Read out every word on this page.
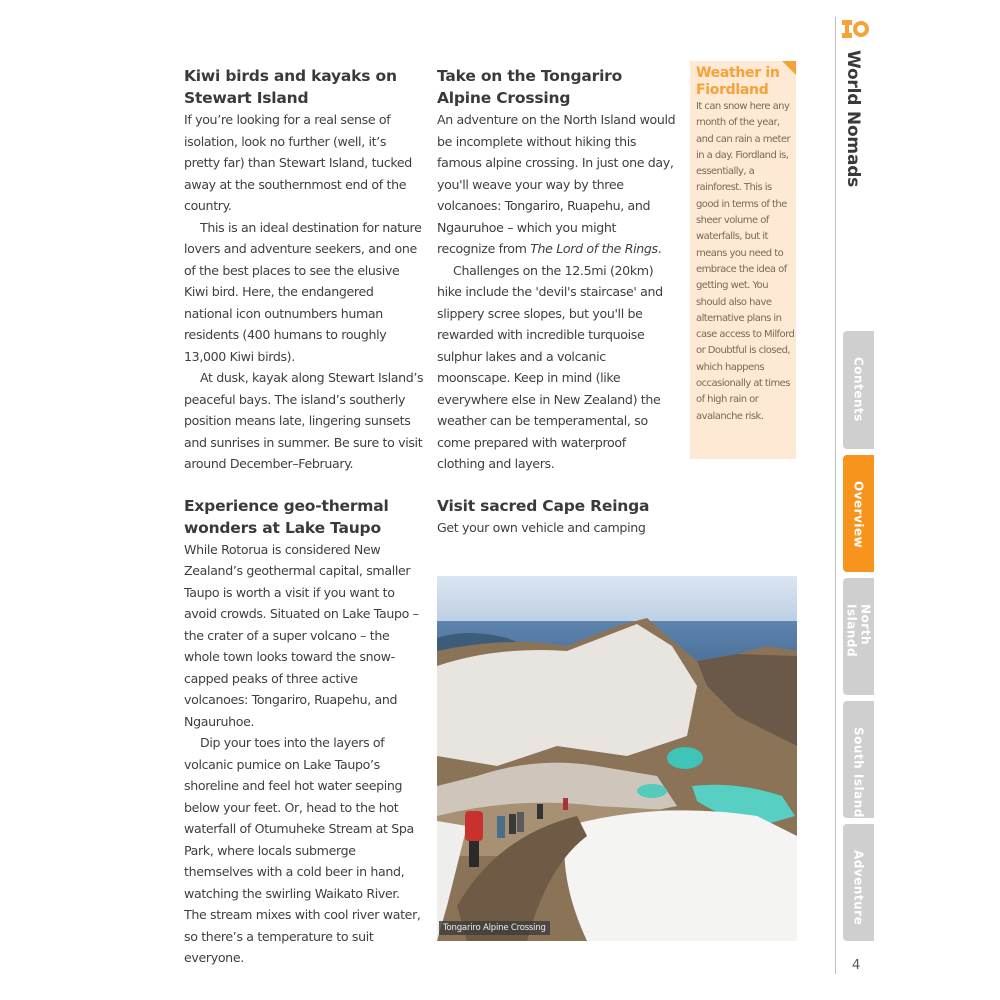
Kiwi birds and kayaks on Stewart Island

If you’re looking for a real sense of isolation, look no further (well, it’s pretty far) than Stewart Island, tucked away at the southernmost end of the country.

This is an ideal destination for nature lovers and adventure seekers, and one of the best places to see the elusive Kiwi bird. Here, the endangered national icon outnumbers human residents (400 humans to roughly 13,000 Kiwi birds).

At dusk, kayak along Stewart Island’s peaceful bays. The island’s southerly position means late, lingering sunsets and sunrises in summer. Be sure to visit around December–February.

Experience geo-thermal wonders at Lake Taupo

While Rotorua is considered New Zealand’s geothermal capital, smaller Taupo is worth a visit if you want to avoid crowds. Situated on Lake Taupo – the crater of a super volcano – the whole town looks toward the snow-capped peaks of three active volcanoes: Tongariro, Ruapehu, and Ngauruhoe.

Dip your toes into the layers of volcanic pumice on Lake Taupo’s shoreline and feel hot water seeping below your feet. Or, head to the hot waterfall of Otumuheke Stream at Spa Park, where locals submerge themselves with a cold beer in hand, watching the swirling Waikato River. The stream mixes with cool river water, so there’s a temperature to suit everyone.

Take on the Tongariro Alpine Crossing

An adventure on the North Island would be incomplete without hiking this famous alpine crossing. In just one day, you'll weave your way by three volcanoes: Tongariro, Ruapehu, and Ngauruhoe – which you might recognize from The Lord of the Rings.

Challenges on the 12.5mi (20km) hike include the 'devil's staircase' and slippery scree slopes, but you'll be rewarded with incredible turquoise sulphur lakes and a volcanic moonscape. Keep in mind (like everywhere else in New Zealand) the weather can be temperamental, so come prepared with waterproof clothing and layers.

Visit sacred Cape Reinga

Get your own vehicle and camping

Weather in Fiordland

It can snow here any month of the year, and can rain a meter in a day. Fiordland is, essentially, a rainforest. This is good in terms of the sheer volume of waterfalls, but it means you need to embrace the idea of getting wet. You should also have alternative plans in case access to Milford or Doubtful is closed, which happens occasionally at times of high rain or avalanche risk.

Tongariro Alpine Crossing
World Nomads
Contents
Overview
North Islandd
South Island
Adventure
4
